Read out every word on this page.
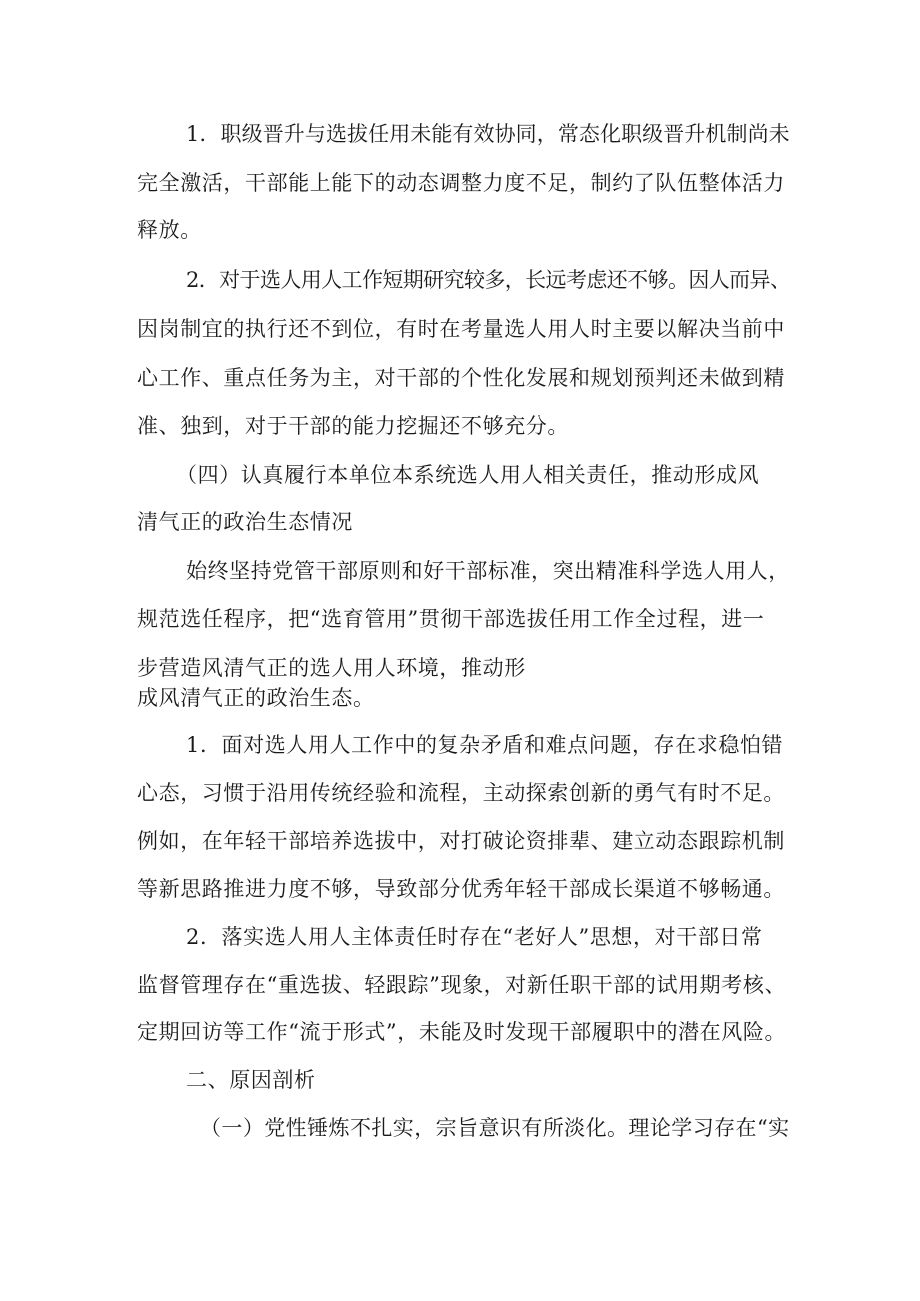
1．职级晋升与选拔任用未能有效协同，常态化职级晋升机制尚未
完全激活，干部能上能下的动态调整力度不足，制约了队伍整体活力
释放。
2．对于选人用人工作短期研究较多，长远考虑还不够。因人而异、
因岗制宜的执行还不到位，有时在考量选人用人时主要以解决当前中
心工作、重点任务为主，对干部的个性化发展和规划预判还未做到精
准、独到，对于干部的能力挖掘还不够充分。
（四）认真履行本单位本系统选人用人相关责任，推动形成风
清气正的政治生态情况
始终坚持党管干部原则和好干部标准，突出精准科学选人用人，
规范选任程序，把“选育管用”贯彻干部选拔任用工作全过程，进一
步营造风清气正的选人用人环境，推动形
成风清气正的政治生态。
1．面对选人用人工作中的复杂矛盾和难点问题，存在求稳怕错
心态，习惯于沿用传统经验和流程，主动探索创新的勇气有时不足。
例如，在年轻干部培养选拔中，对打破论资排辈、建立动态跟踪机制
等新思路推进力度不够，导致部分优秀年轻干部成长渠道不够畅通。
2．落实选人用人主体责任时存在“老好人”思想，对干部日常
监督管理存在“重选拔、轻跟踪”现象，对新任职干部的试用期考核、
定期回访等工作“流于形式”，未能及时发现干部履职中的潜在风险。
二、原因剖析
（一）党性锤炼不扎实，宗旨意识有所淡化。理论学习存在“实
